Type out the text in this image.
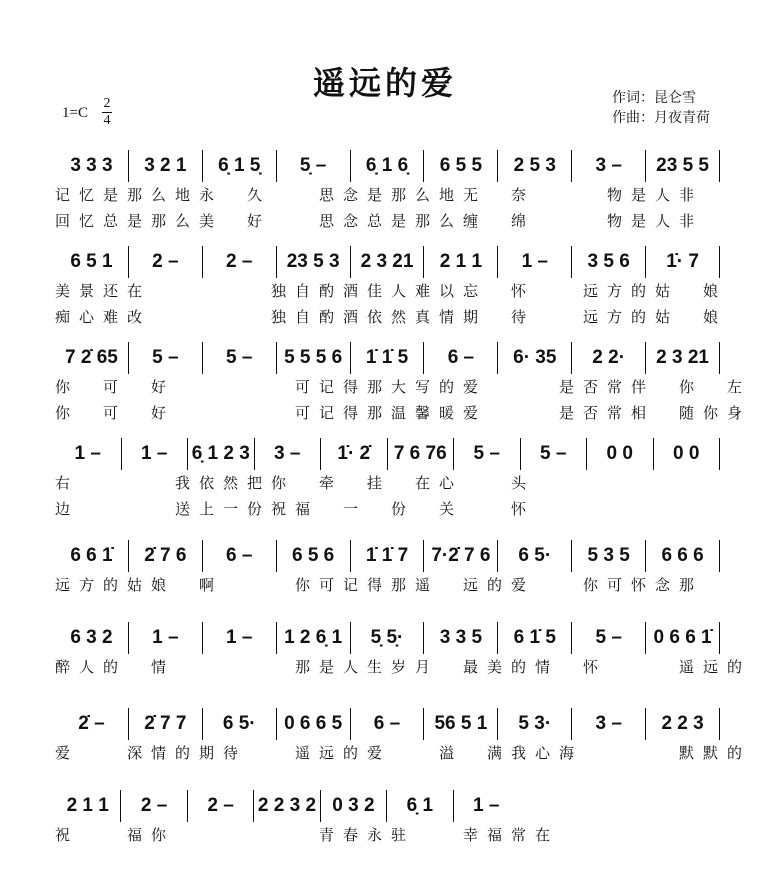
遥远的爱
1=C
2
4
作词：昆仑雪
作曲：月夜青荷
3 3 3	3 2 1	6̣ 1 5̣	5̣ –	6̣ 1 6̣	6 5 5	2 5 3	3 –	23 5 5
记忆是那么地永　久　　思念是那么地无　奈　　　物是人非
回忆总是那么美　好　　思念总是那么缠　绵　　　物是人非
6 5 1	2 –	2 –	23 5 3	2 3 21	2 1 1	1 –	3 5 6	1̇· 7
美景还在　　　　　独自酌酒佳人难以忘　怀　　远方的姑　娘
痴心难改　　　　　独自酌酒依然真情期　待　　远方的姑　娘
7 2̇ 65	5 –	5 –	5 5 5 6	1̇ 1̇ 5	6 –	6· 35	2 2·	2 3 21
你　可　好　　　　　可记得那大写的爱　　　是否常伴　你　左
你　可　好　　　　　可记得那温馨暖爱　　　是否常相　随你身
1 –	1 –	6̣ 1 2 3	3 –	1̇· 2̇	7 6 76	5 –	5 –	0 0	0 0
右　　　　我依然把你　牵　挂　在心　　头
边　　　　送上一份祝福　一　份　关　　怀
6 6 1̇	2̇ 7 6	6 –	6 5 6	1̇ 1̇ 7	7·2̇ 7 6	6 5·	5 3 5	6 6 6
远方的姑娘　啊　　　你可记得那遥　远的爱　　你可怀念那
6 3 2	1 –	1 –	1 2 6̣ 1	5̣ 5̣·	3 3 5	6 1̇ 5	5 –	0 6 6 1̇
醉人的　情　　　　　那是人生岁月　最美的情　怀　　　遥远的
2̇ –	2̇ 7 7	6 5·	0 6 6 5	6 –	56 5 1	5 3·	3 –	2 2 3
爱　　深情的期待　　遥远的爱　　溢　满我心海　　　　默默的
2 1 1	2 –	2 –	2 2 3 2 0 3 2	6̣ 1	1 –
祝　　福你　　　　　　青春永驻　　幸福常在
